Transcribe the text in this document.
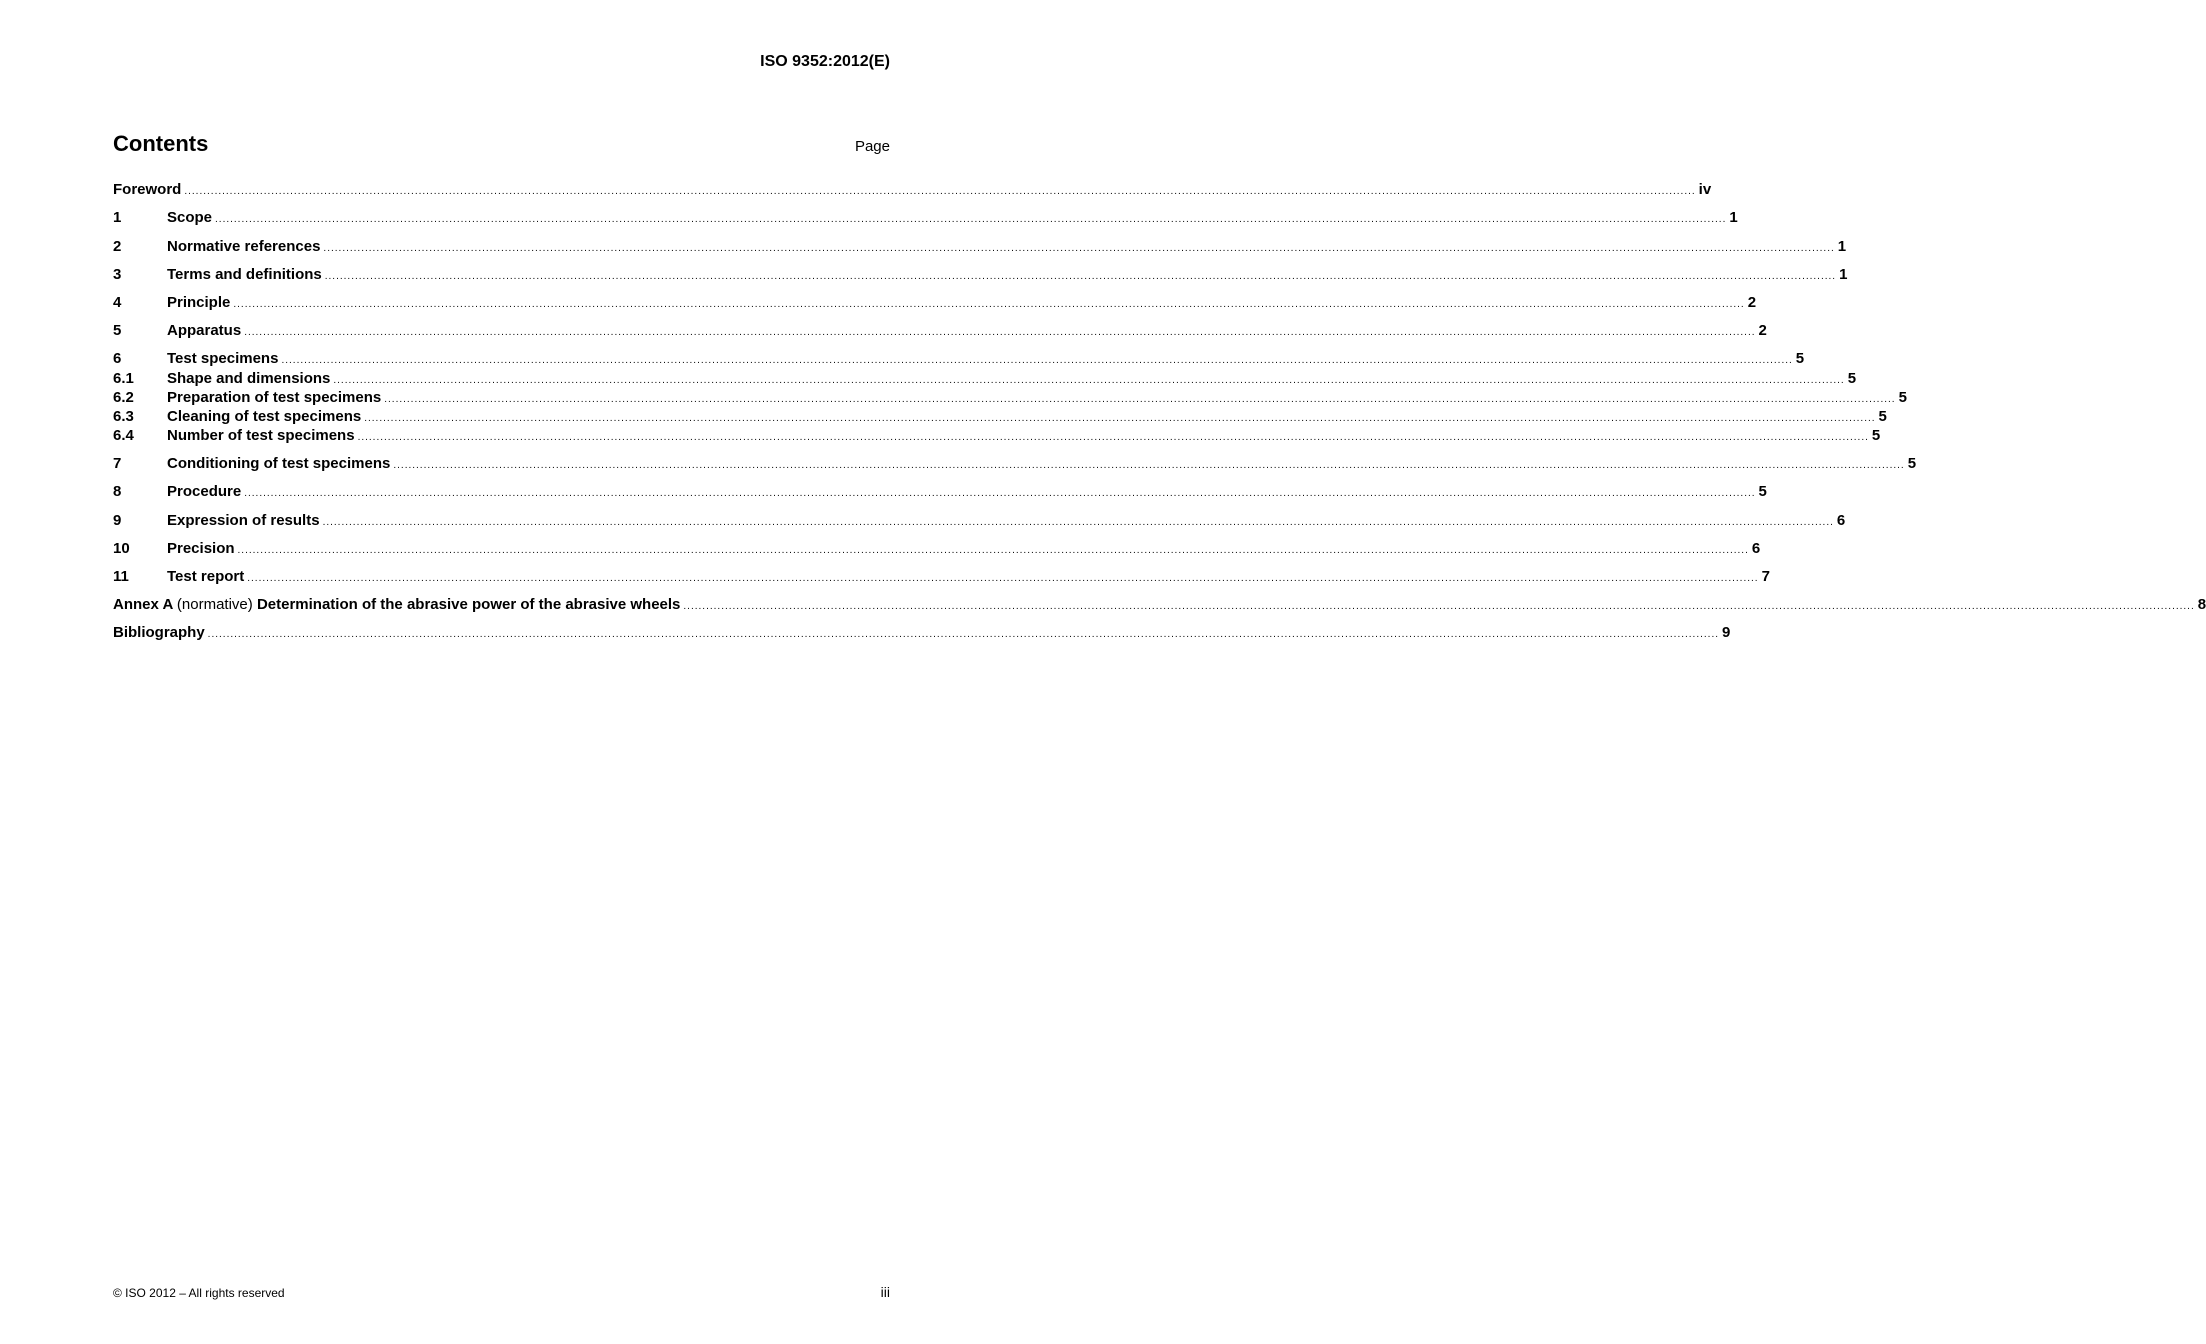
ISO 9352:2012(E)
Contents	Page
Foreword ................................................................................................................................................................................................................................................................................................................................................................................................................ iv
1	Scope ................................................................................................................................................................................................................................................................................................................................................................................................................ 1
2	Normative references ................................................................................................................................................................................................................................................................................................................................................................................................................ 1
3	Terms and definitions ................................................................................................................................................................................................................................................................................................................................................................................................................ 1
4	Principle ................................................................................................................................................................................................................................................................................................................................................................................................................ 2
5	Apparatus ................................................................................................................................................................................................................................................................................................................................................................................................................ 2
6	Test specimens ................................................................................................................................................................................................................................................................................................................................................................................................................ 5
6.1	Shape and dimensions ................................................................................................................................................................................................................................................................................................................................................................................................................ 5
6.2	Preparation of test specimens ................................................................................................................................................................................................................................................................................................................................................................................................................ 5
6.3	Cleaning of test specimens ................................................................................................................................................................................................................................................................................................................................................................................................................ 5
6.4	Number of test specimens ................................................................................................................................................................................................................................................................................................................................................................................................................ 5
7	Conditioning of test specimens ................................................................................................................................................................................................................................................................................................................................................................................................................ 5
8	Procedure ................................................................................................................................................................................................................................................................................................................................................................................................................ 5
9	Expression of results ................................................................................................................................................................................................................................................................................................................................................................................................................ 6
10	Precision ................................................................................................................................................................................................................................................................................................................................................................................................................ 6
11	Test report ................................................................................................................................................................................................................................................................................................................................................................................................................ 7
Annex A (normative) Determination of the abrasive power of the abrasive wheels ................................................................................................................................................................................................................................................................................................................................................................................................................ 8
Bibliography ................................................................................................................................................................................................................................................................................................................................................................................................................ 9
© ISO 2012 – All rights reserved	iii
